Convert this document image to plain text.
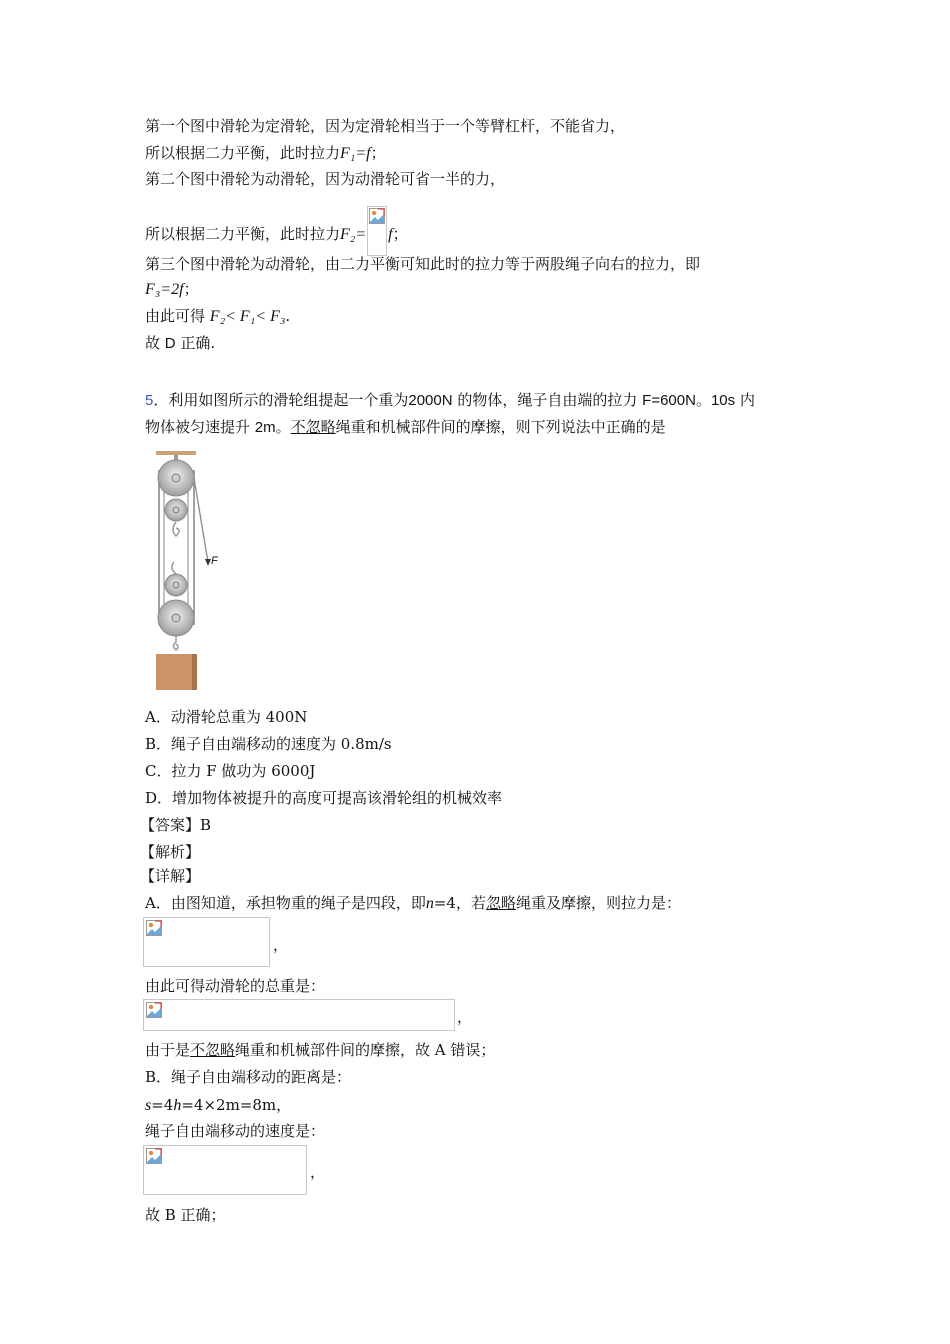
第一个图中滑轮为定滑轮，因为定滑轮相当于一个等臂杠杆，不能省力，
所以根据二力平衡，此时拉力F₁=f；
第二个图中滑轮为动滑轮，因为动滑轮可省一半的力，
所以根据二力平衡，此时拉力F₂= f；
第三个图中滑轮为动滑轮，由二力平衡可知此时的拉力等于两股绳子向右的拉力，即
F₃=2f；
由此可得 F₂< F₁< F₃.
故 D 正确.
5．利用如图所示的滑轮组提起一个重为2000N 的物体，绳子自由端的拉力 F=600N。10s 内
物体被匀速提升 2m。不忽略绳重和机械部件间的摩擦，则下列说法中正确的是
F
A．动滑轮总重为 400N
B．绳子自由端移动的速度为 0.8m/s
C．拉力 F 做功为 6000J
D．增加物体被提升的高度可提高该滑轮组的机械效率
【答案】B
【解析】
【详解】
A．由图知道，承担物重的绳子是四段，即n=4，若忽略绳重及摩擦，则拉力是：
，
由此可得动滑轮的总重是：
，
由于是不忽略绳重和机械部件间的摩擦，故 A 错误；
B．绳子自由端移动的距离是：
s=4h=4×2m=8m，
绳子自由端移动的速度是：
，
故 B 正确；
